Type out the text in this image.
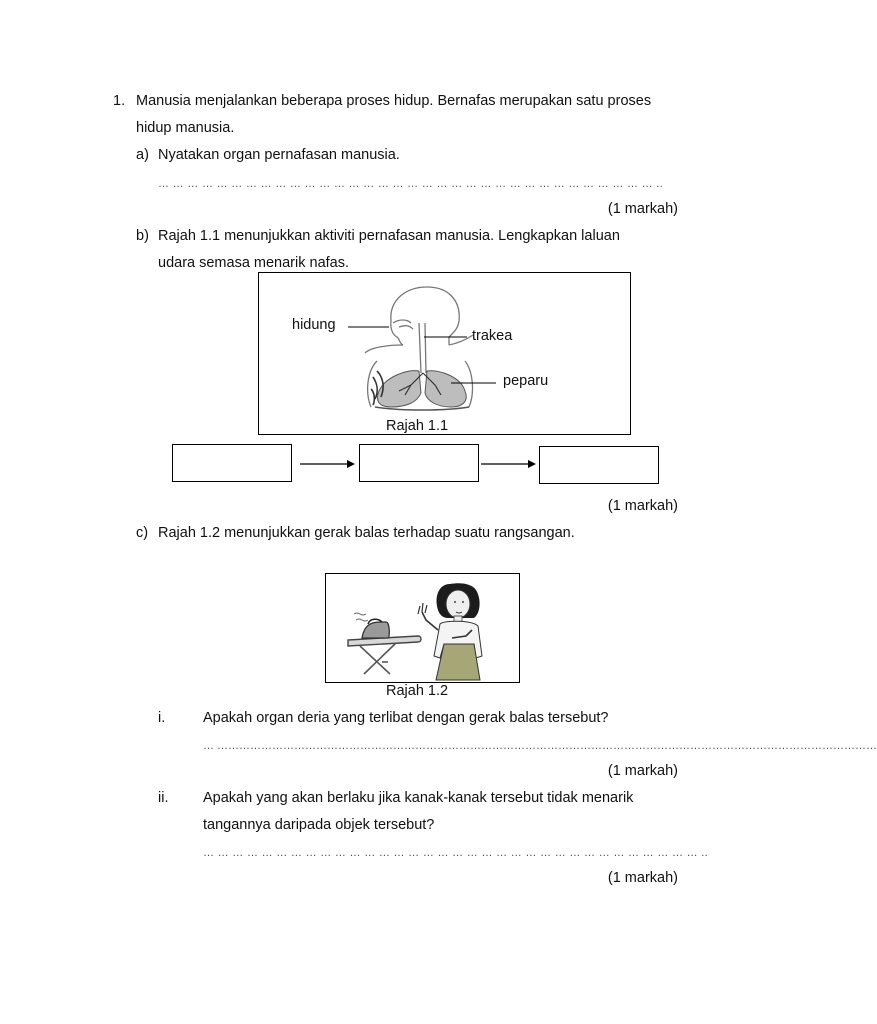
1. Manusia menjalankan beberapa proses hidup. Bernafas merupakan satu proses
hidup manusia.
a) Nyatakan organ pernafasan manusia.
… … … … … … … … … … … … … … … … … … … … … … … … … … … … … … … … … … ..
(1 markah)
b) Rajah 1.1 menunjukkan aktiviti pernafasan manusia. Lengkapkan laluan
udara semasa menarik nafas.
hidung
trakea
peparu
Rajah 1.1
(1 markah)
c) Rajah 1.2 menunjukkan gerak balas terhadap suatu rangsangan.
Rajah 1.2
i.	Apakah organ deria yang terlibat dengan gerak balas tersebut?
… ………………………………………………………………………………………………………………………………………………………………
(1 markah)
ii. Apakah yang akan berlaku jika kanak-kanak tersebut tidak menarik
tangannya daripada objek tersebut?
… … … … … … … … … … … … … … … … … … … … … … … … … … … … … … … … … … ..
(1 markah)
